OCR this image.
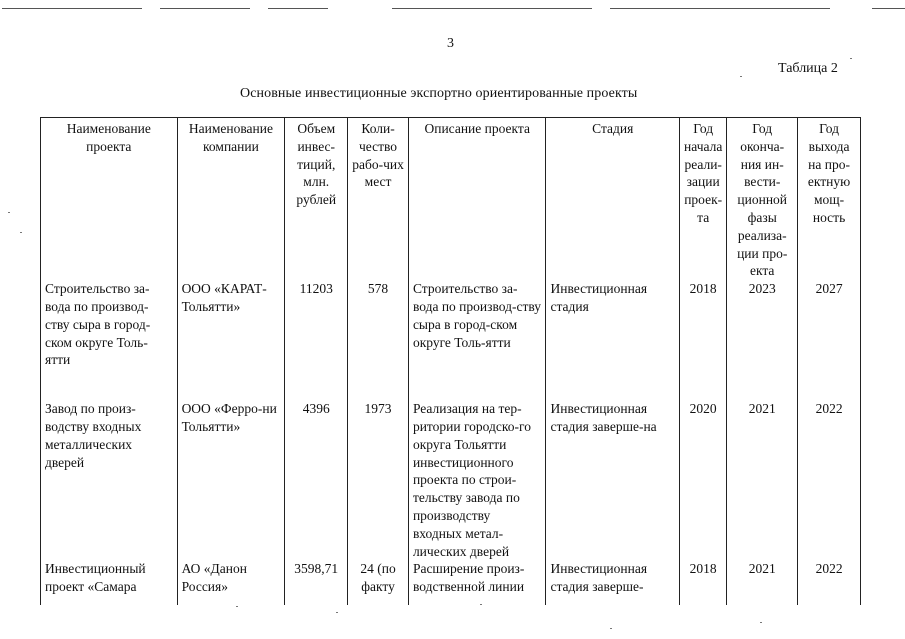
3
Таблица 2
Основные инвестиционные экспортно ориентированные проекты
Наименование проекта	Наименование компании	Объем инвес-тиций, млн. рублей	Коли-чество рабо-чих мест	Описание проекта	Стадия	Год начала реали-зации проек-та	Год оконча-ния ин-вести-ционной фазы реализа-ции про-екта	Год выхода на про-ектную мощ-ность
Строительство за-вода по производ-ству сыра в город-ском округе Толь-ятти	ООО «КАРАТ-Тольятти»	11203	578	Строительство за-вода по производ-ству сыра в город-ском округе Толь-ятти	Инвестиционная стадия	2018	2023	2027
Завод по произ-водству входных металлических дверей	ООО «Ферро-ни Тольятти»	4396	1973	Реализация на тер-ритории городско-го округа Тольятти инвестиционного проекта по строи-тельству завода по производству входных метал-лических дверей	Инвестиционная стадия заверше-на	2020	2021	2022
Инвестиционный проект «Самара	АО «Данон Россия»	3598,71	24 (по факту	Расширение произ-водственной линии	Инвестиционная стадия заверше-	2018	2021	2022
